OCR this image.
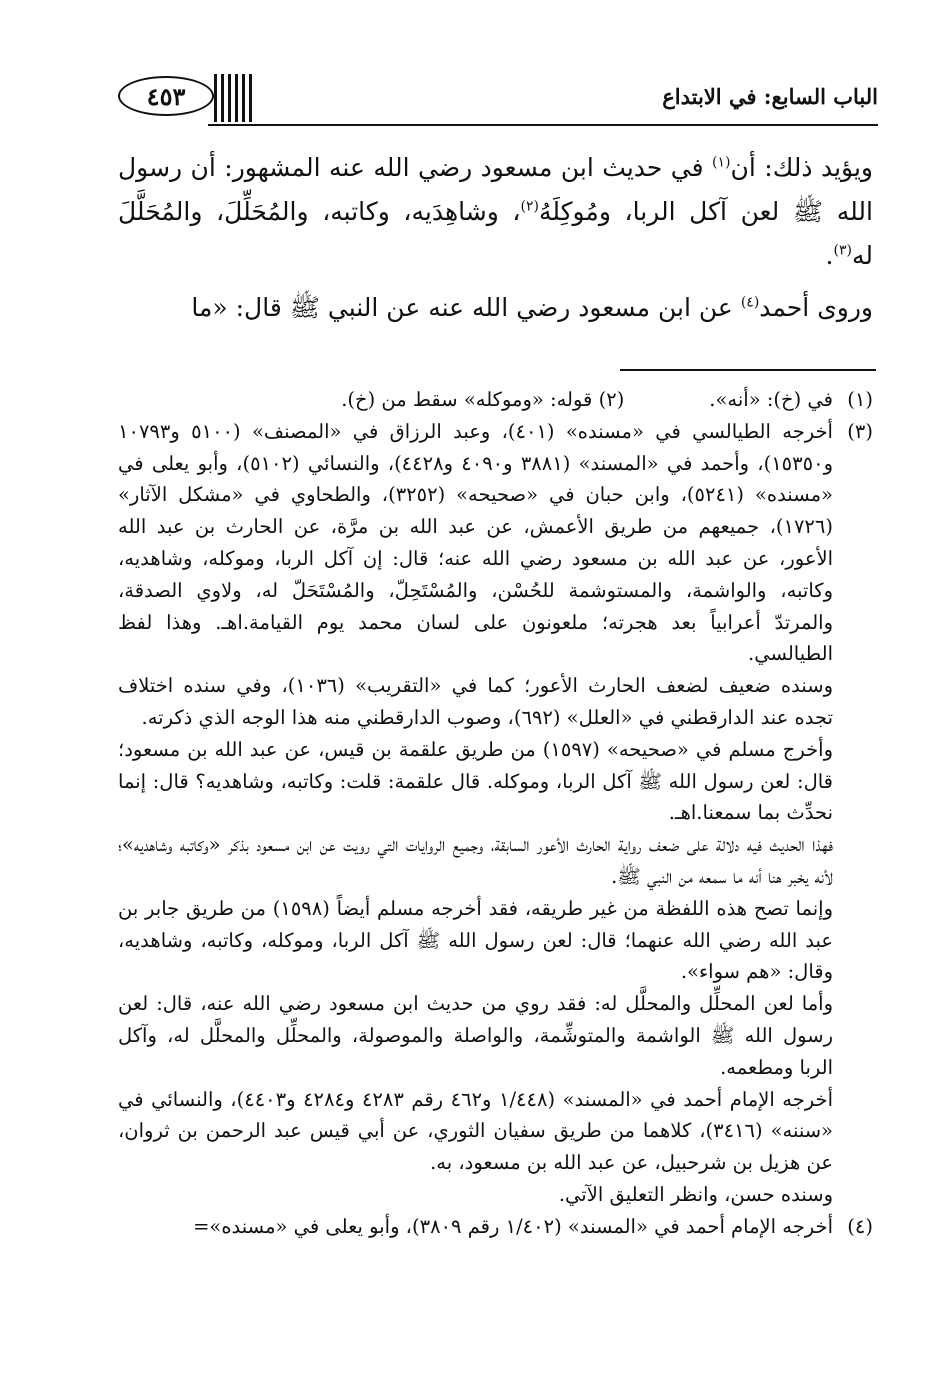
٤٥٣	الباب السابع: في الابتداع

ويؤيد ذلك: أن$^{(١)}$ في حديث ابن مسعود رضي الله عنه المشهور: أن رسول الله ﷺ لعن آكل الربا، ومُوكِلَهُ$^{(٢)}$، وشاهِدَيه، وكاتبه، والمُحَلِّلَ، والمُحَلَّلَ له$^{(٣)}$.

وروى أحمد$^{(٤)}$ عن ابن مسعود رضي الله عنه عن النبي ﷺ قال: «ما

(١)
في (خ): «أنه».
(٢)

قوله: «وموكله» سقط من (خ).
(٣)

أخرجه الطيالسي في «مسنده» (٤٠١)، وعبد الرزاق في «المصنف» (٥١٠٠ و١٠٧٩٣ و١٥٣٥٠)، وأحمد في «المسند» (٣٨٨١ و٤٠٩٠ و٤٤٢٨)، والنسائي (٥١٠٢)، وأبو يعلى في «مسنده» (٥٢٤١)، وابن حبان في «صحيحه» (٣٢٥٢)، والطحاوي في «مشكل الآثار» (١٧٢٦)، جميعهم من طريق الأعمش، عن عبد الله بن مرَّة، عن الحارث بن عبد الله الأعور، عن عبد الله بن مسعود رضي الله عنه؛ قال: إن آكل الربا، وموكله، وشاهديه، وكاتبه، والواشمة، والمستوشمة للحُسْن، والمُسْتَحِلّ، والمُسْتَحَلّ له، ولاوي الصدقة، والمرتدّ أعرابياً بعد هجرته؛ ملعونون على لسان محمد يوم القيامة.اهـ. وهذا لفظ الطيالسي.

وسنده ضعيف لضعف الحارث الأعور؛ كما في «التقريب» (١٠٣٦)، وفي سنده اختلاف تجده عند الدارقطني في «العلل» (٦٩٢)، وصوب الدارقطني منه هذا الوجه الذي ذكرته.

وأخرج مسلم في «صحيحه» (١٥٩٧) من طريق علقمة بن قيس، عن عبد الله بن مسعود؛ قال: لعن رسول الله ﷺ آكل الربا، وموكله. قال علقمة: قلت: وكاتبه، وشاهديه؟ قال: إنما نحدِّث بما سمعنا.اهـ.

فهذا الحديث فيه دلالة على ضعف رواية الحارث الأعور السابقة، وجميع الروايات التي رويت عن ابن مسعود بذكر «وكاتبه وشاهديه»؛ لأنه يخبر هنا أنه ما سمعه من النبي ﷺ.

وإنما تصح هذه اللفظة من غير طريقه، فقد أخرجه مسلم أيضاً (١٥٩٨) من طريق جابر بن عبد الله رضي الله عنهما؛ قال: لعن رسول الله ﷺ آكل الربا، وموكله، وكاتبه، وشاهديه، وقال: «هم سواء».

وأما لعن المحلِّل والمحلَّل له: فقد روي من حديث ابن مسعود رضي الله عنه، قال: لعن رسول الله ﷺ الواشمة والمتوشِّمة، والواصلة والموصولة، والمحلِّل والمحلَّل له، وآكل الربا ومطعمه.

أخرجه الإمام أحمد في «المسند» (١/٤٤٨ و٤٦٢ رقم ٤٢٨٣ و٤٢٨٤ و٤٤٠٣)، والنسائي في «سننه» (٣٤١٦)، كلاهما من طريق سفيان الثوري، عن أبي قيس عبد الرحمن بن ثروان، عن هزيل بن شرحبيل، عن عبد الله بن مسعود، به.

وسنده حسن، وانظر التعليق الآتي.

(٤)

أخرجه الإمام أحمد في «المسند» (١/٤٠٢ رقم ٣٨٠٩)، وأبو يعلى في «مسنده»=
